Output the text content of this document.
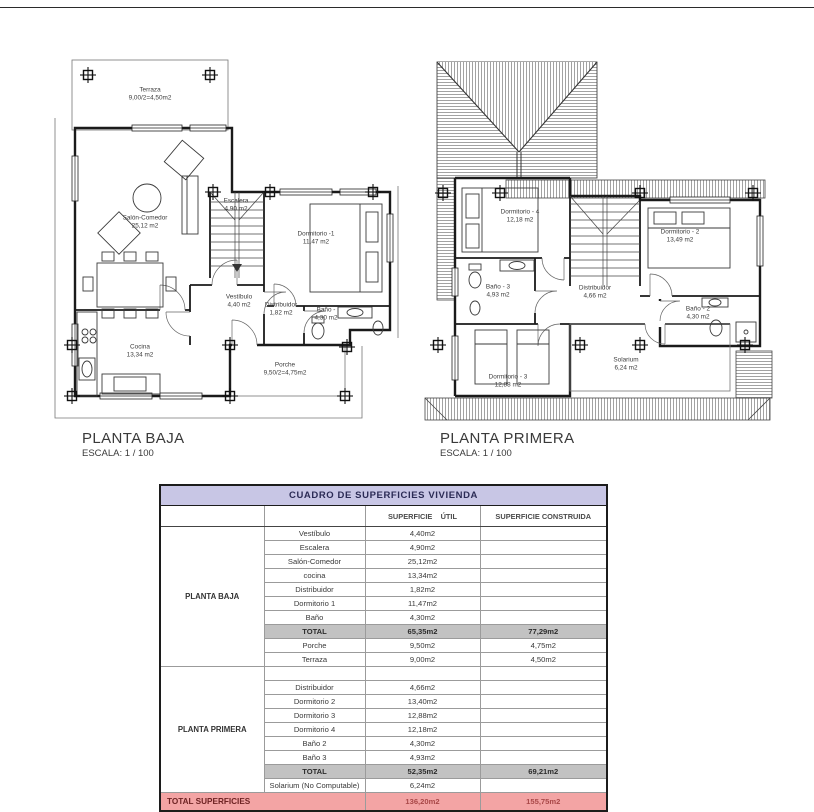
Terraza
9,00/2=4,50m2
Salón-Comedor
25,12 m2
Escalera
4,90 m2
Dormitorio -1
11,47 m2
Vestíbulo
4,40 m2 Distribuidor
1,82 m2	Baño -
4,30 m2
Cocina
13,34 m2
Porche
9,50/2=4,75m2
PLANTA BAJA
ESCALA: 1 / 100
Dormitorio - 4
12,18 m2
Dormitorio - 2
13,49 m2
Baño - 3
4,93 m2
Distribuidor
4,66 m2
Baño - 2
4,30 m2
Dormitorio - 3
12,88 m2
Solarium
6,24 m2
PLANTA PRIMERA
ESCALA: 1 / 100
CUADRO DE SUPERFICIES VIVIENDA			
		SUPERFICIE    ÚTIL	SUPERFICIE CONSTRUIDA
PLANTA BAJA	Vestíbulo	4,40m2	
	Escalera	4,90m2	
	Salón-Comedor	25,12m2	
	cocina	13,34m2	
	Distribuidor	1,82m2	
	Dormitorio 1	11,47m2	
	Baño	4,30m2	
	TOTAL	65,35m2	77,29m2
	Porche	9,50m2	4,75m2
	Terraza	9,00m2	4,50m2
PLANTA PRIMERA			
	Distribuidor	4,66m2	
	Dormitorio 2	13,40m2	
	Dormitorio 3	12,88m2	
	Dormitorio 4	12,18m2	
	Baño 2	4,30m2	
	Baño 3	4,93m2	
	TOTAL	52,35m2	69,21m2
	Solarium (No Computable)	6,24m2	
TOTAL SUPERFICIES		136,20m2	155,75m2
